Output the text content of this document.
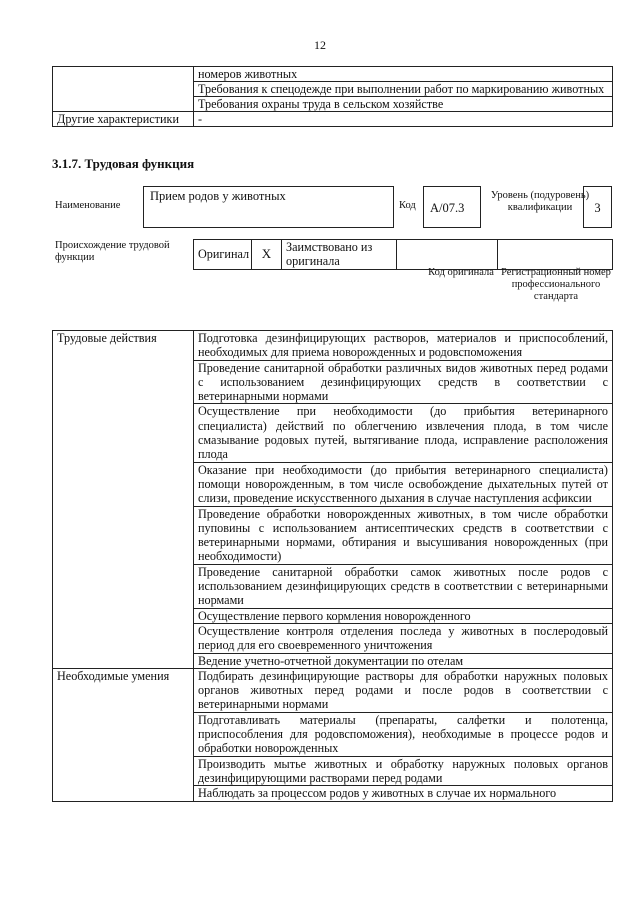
12
	номеров животных
	Требования к спецодежде при выполнении работ по маркированию животных
	Требования охраны труда в сельском хозяйстве
Другие характеристики	-
3.1.7. Трудовая функция
Наименование
Прием родов у животных
Код	А/07.3
Уровень (подуровень) квалификации	3
Происхождение трудовой функции	Оригинал	Х	Заимствовано из оригинала		
Код оригинала Регистрационный номер профессионального стандарта
Трудовые действия	Подготовка дезинфицирующих растворов, материалов и приспособлений, необходимых для приема новорожденных и родовспоможения
	Проведение санитарной обработки различных видов животных перед родами с использованием дезинфицирующих средств в соответствии с ветеринарными нормами
	Осуществление при необходимости (до прибытия ветеринарного специалиста) действий по облегчению извлечения плода, в том числе смазывание родовых путей, вытягивание плода, исправление расположения плода
	Оказание при необходимости (до прибытия ветеринарного специалиста) помощи новорожденным, в том числе освобождение дыхательных путей от слизи, проведение искусственного дыхания в случае наступления асфиксии
	Проведение обработки новорожденных животных, в том числе обработки пуповины с использованием антисептических средств в соответствии с ветеринарными нормами, обтирания и высушивания новорожденных (при необходимости)
	Проведение санитарной обработки самок животных после родов с использованием дезинфицирующих средств в соответствии с ветеринарными нормами
	Осуществление первого кормления новорожденного
	Осуществление контроля отделения последа у животных в послеродовый период для его своевременного уничтожения
	Ведение учетно-отчетной документации по отелам
Необходимые умения	Подбирать дезинфицирующие растворы для обработки наружных половых органов животных перед родами и после родов в соответствии с ветеринарными нормами
	Подготавливать материалы (препараты, салфетки и полотенца, приспособления для родовспоможения), необходимые в процессе родов и обработки новорожденных
	Производить мытье животных и обработку наружных половых органов дезинфицирующими растворами перед родами
	Наблюдать за процессом родов у животных в случае их нормального
